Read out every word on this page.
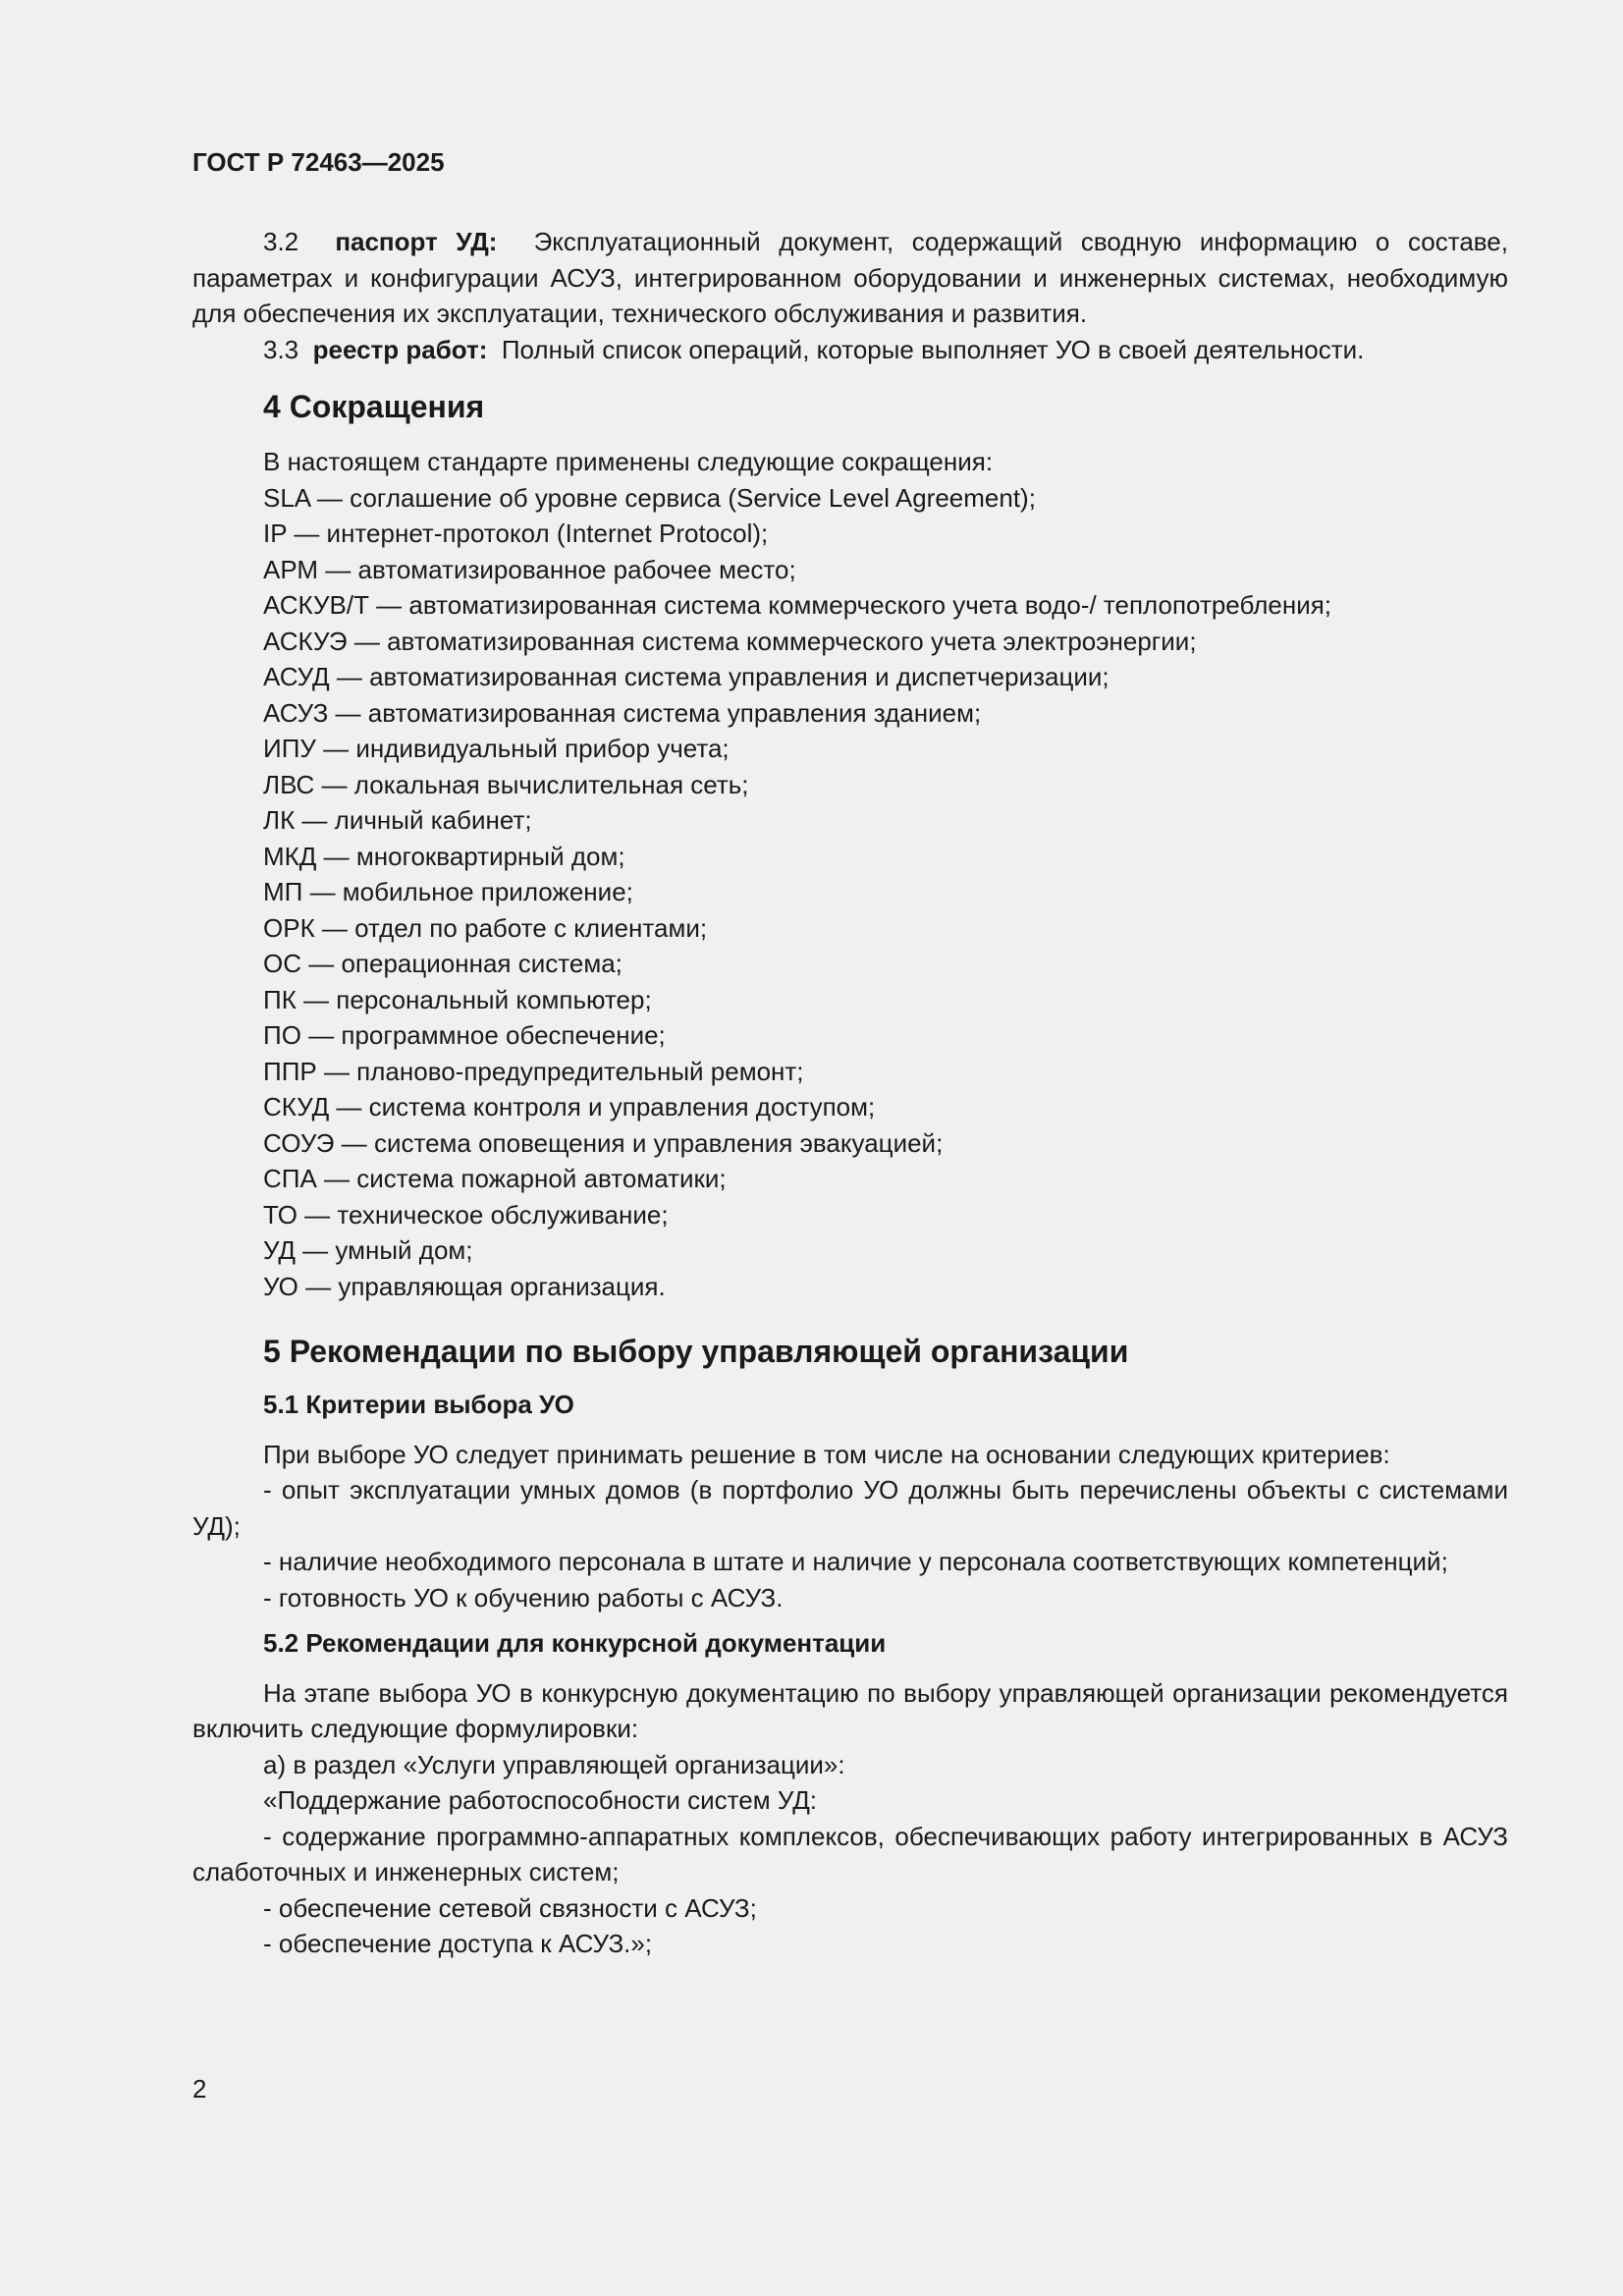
ГОСТ Р 72463—2025

3.2 паспорт УД: Эксплуатационный документ, содержащий сводную информацию о составе, параметрах и конфигурации АСУЗ, интегрированном оборудовании и инженерных системах, необходимую для обеспечения их эксплуатации, технического обслуживания и развития.

3.3 реестр работ: Полный список операций, которые выполняет УО в своей деятельности.

4 Сокращения

В настоящем стандарте применены следующие сокращения:

SLA — соглашение об уровне сервиса (Service Level Agreement);

IP — интернет-протокол (Internet Protocol);

АРМ — автоматизированное рабочее место;

АСКУВ/Т — автоматизированная система коммерческого учета водо-/ теплопотребления;

АСКУЭ — автоматизированная система коммерческого учета электроэнергии;

АСУД — автоматизированная система управления и диспетчеризации;

АСУЗ — автоматизированная система управления зданием;

ИПУ — индивидуальный прибор учета;

ЛВС — локальная вычислительная сеть;

ЛК — личный кабинет;

МКД — многоквартирный дом;

МП — мобильное приложение;

ОРК — отдел по работе с клиентами;

ОС — операционная система;

ПК — персональный компьютер;

ПО — программное обеспечение;

ППР — планово-предупредительный ремонт;

СКУД — система контроля и управления доступом;

СОУЭ — система оповещения и управления эвакуацией;

СПА — система пожарной автоматики;

ТО — техническое обслуживание;

УД — умный дом;

УО — управляющая организация.

5 Рекомендации по выбору управляющей организации
5.1 Критерии выбора УО

При выборе УО следует принимать решение в том числе на основании следующих критериев:

- опыт эксплуатации умных домов (в портфолио УО должны быть перечислены объекты с системами УД);

- наличие необходимого персонала в штате и наличие у персонала соответствующих компетенций;

- готовность УО к обучению работы с АСУЗ.

5.2 Рекомендации для конкурсной документации

На этапе выбора УО в конкурсную документацию по выбору управляющей организации рекомендуется включить следующие формулировки:

а) в раздел «Услуги управляющей организации»:

«Поддержание работоспособности систем УД:

- содержание программно-аппаратных комплексов, обеспечивающих работу интегрированных в АСУЗ слаботочных и инженерных систем;

- обеспечение сетевой связности с АСУЗ;

- обеспечение доступа к АСУЗ.»;

2
